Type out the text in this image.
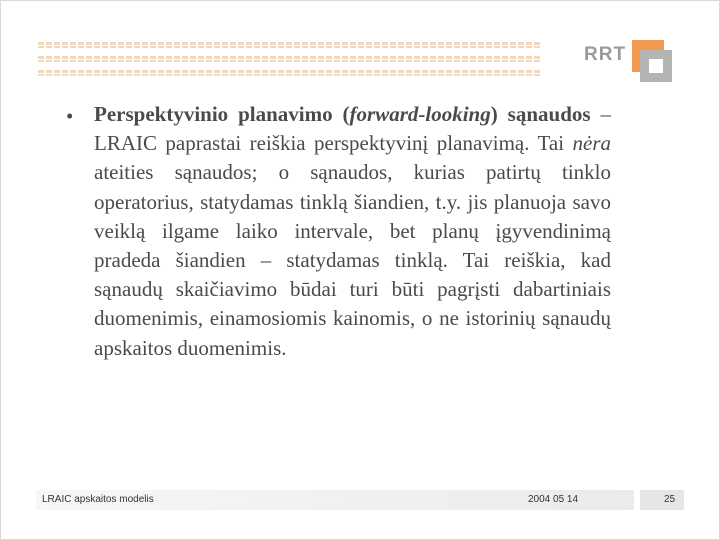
RRT
• Perspektyvinio planavimo (forward-looking) sąnaudos – LRAIC paprastai reiškia perspektyvinį planavimą. Tai nėra ateities sąnaudos; o sąnaudos, kurias patirtų tinklo operatorius, statydamas tinklą šiandien, t.y. jis planuoja savo veiklą ilgame laiko intervale, bet planų įgyvendinimą pradeda šiandien – statydamas tinklą. Tai reiškia, kad sąnaudų skaičiavimo būdai turi būti pagrįsti dabartiniais duomenimis, einamosiomis kainomis, o ne istorinių sąnaudų apskaitos duomenimis.
LRAIC apskaitos modelis	2004 05 14	25
